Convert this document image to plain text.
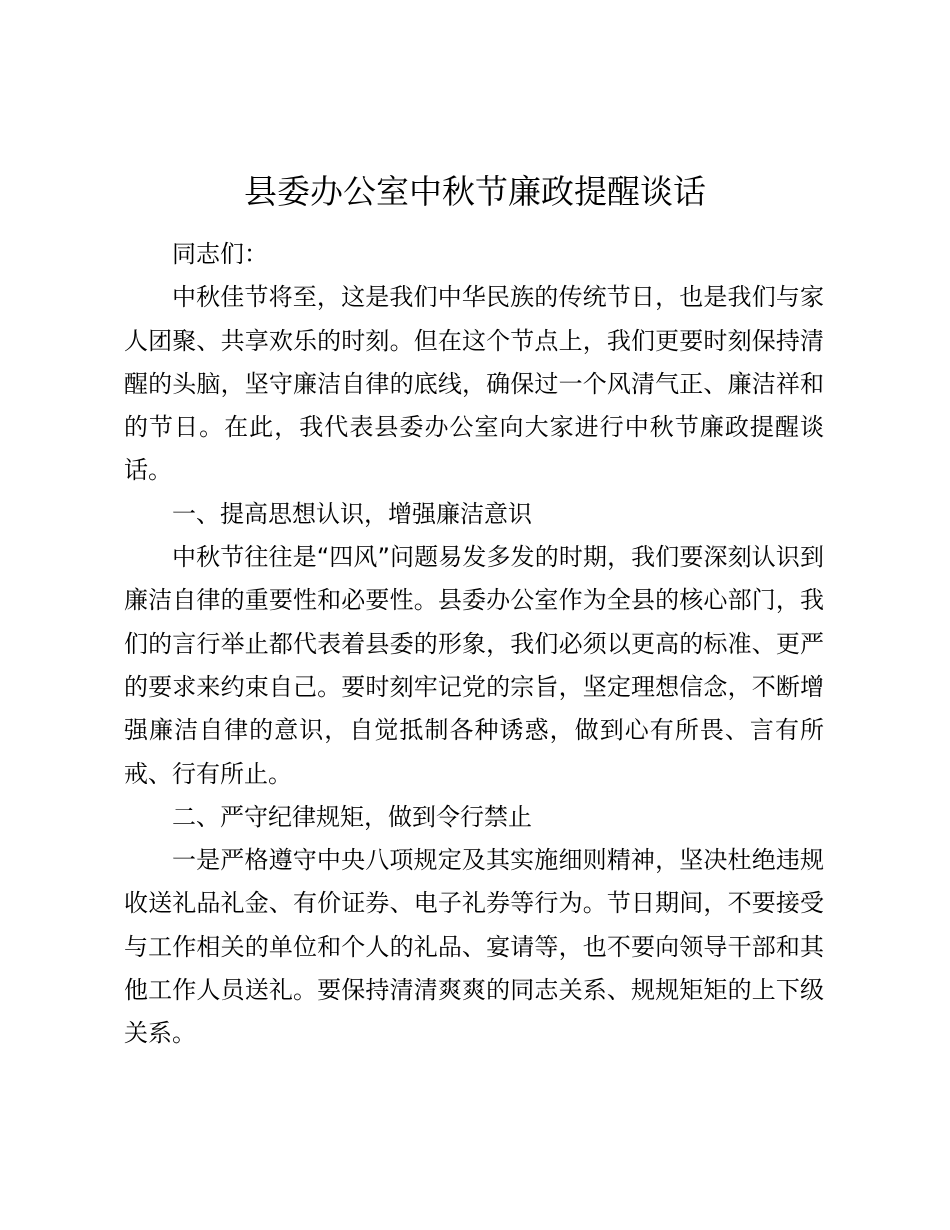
县委办公室中秋节廉政提醒谈话

同志们：

中秋佳节将至，这是我们中华民族的传统节日，也是我们与家人团聚、共享欢乐的时刻。但在这个节点上，我们更要时刻保持清醒的头脑，坚守廉洁自律的底线，确保过一个风清气正、廉洁祥和的节日。在此，我代表县委办公室向大家进行中秋节廉政提醒谈话。

一、提高思想认识，增强廉洁意识

中秋节往往是“四风”问题易发多发的时期，我们要深刻认识到廉洁自律的重要性和必要性。县委办公室作为全县的核心部门，我们的言行举止都代表着县委的形象，我们必须以更高的标准、更严的要求来约束自己。要时刻牢记党的宗旨，坚定理想信念，不断增强廉洁自律的意识，自觉抵制各种诱惑，做到心有所畏、言有所戒、行有所止。

二、严守纪律规矩，做到令行禁止

一是严格遵守中央八项规定及其实施细则精神，坚决杜绝违规收送礼品礼金、有价证券、电子礼券等行为。节日期间，不要接受与工作相关的单位和个人的礼品、宴请等，也不要向领导干部和其他工作人员送礼。要保持清清爽爽的同志关系、规规矩矩的上下级关系。
